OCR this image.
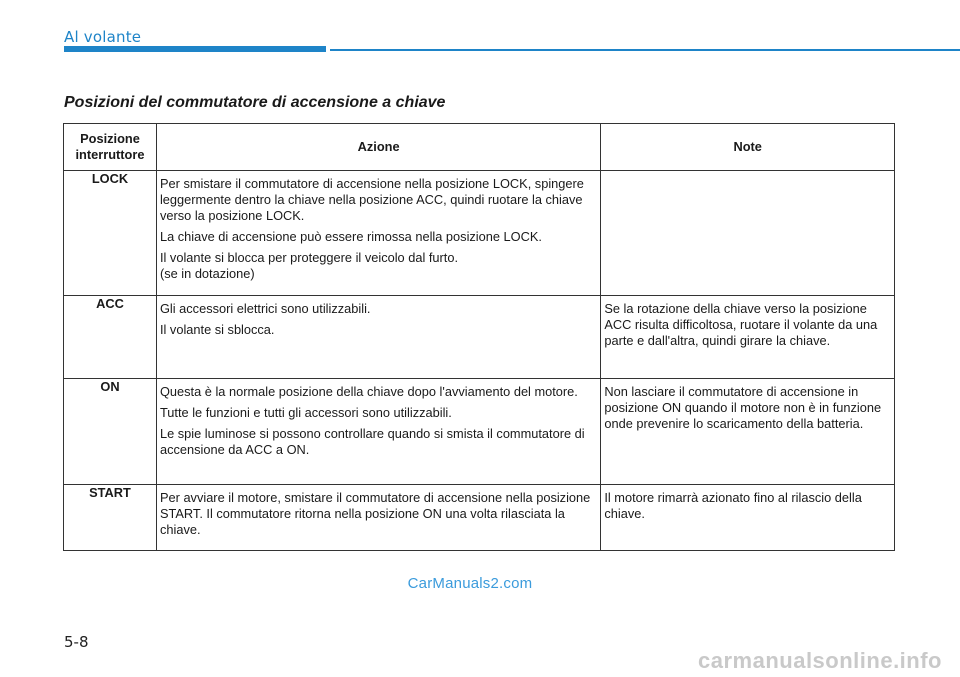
Al volante
Posizioni del commutatore di accensione a chiave
Posizione
interruttore	Azione	Note
LOCK	Per smistare il commutatore di accensione nella posizione LOCK, spingere leggermente dentro la chiave nella posizione ACC, quindi ruotare la chiave verso la posizione LOCK.

La chiave di accensione può essere rimossa nella posizione LOCK.

Il volante si blocca per proteggere il veicolo dal furto.
(se in dotazione)	

ACC	Gli accessori elettrici sono utilizzabili.

Il volante si sblocca.	Se la rotazione della chiave verso la posizione ACC risulta difficoltosa, ruotare il volante da una parte e dall'altra, quindi girare la chiave.

ON	Questa è la normale posizione della chiave dopo l'avviamento del motore.

Tutte le funzioni e tutti gli accessori sono utilizzabili.

Le spie luminose si possono controllare quando si smista il commutatore di accensione da ACC a ON.	Non lasciare il commutatore di accensione in posizione ON quando il motore non è in funzione onde prevenire lo scaricamento della batteria.

START	Per avviare il motore, smistare il commutatore di accensione nella posizione START. Il commutatore ritorna nella posizione ON una volta rilasciata la chiave.	Il motore rimarrà azionato fino al rilascio della chiave.

CarManuals2.com
5-8
carmanualsonline.info
